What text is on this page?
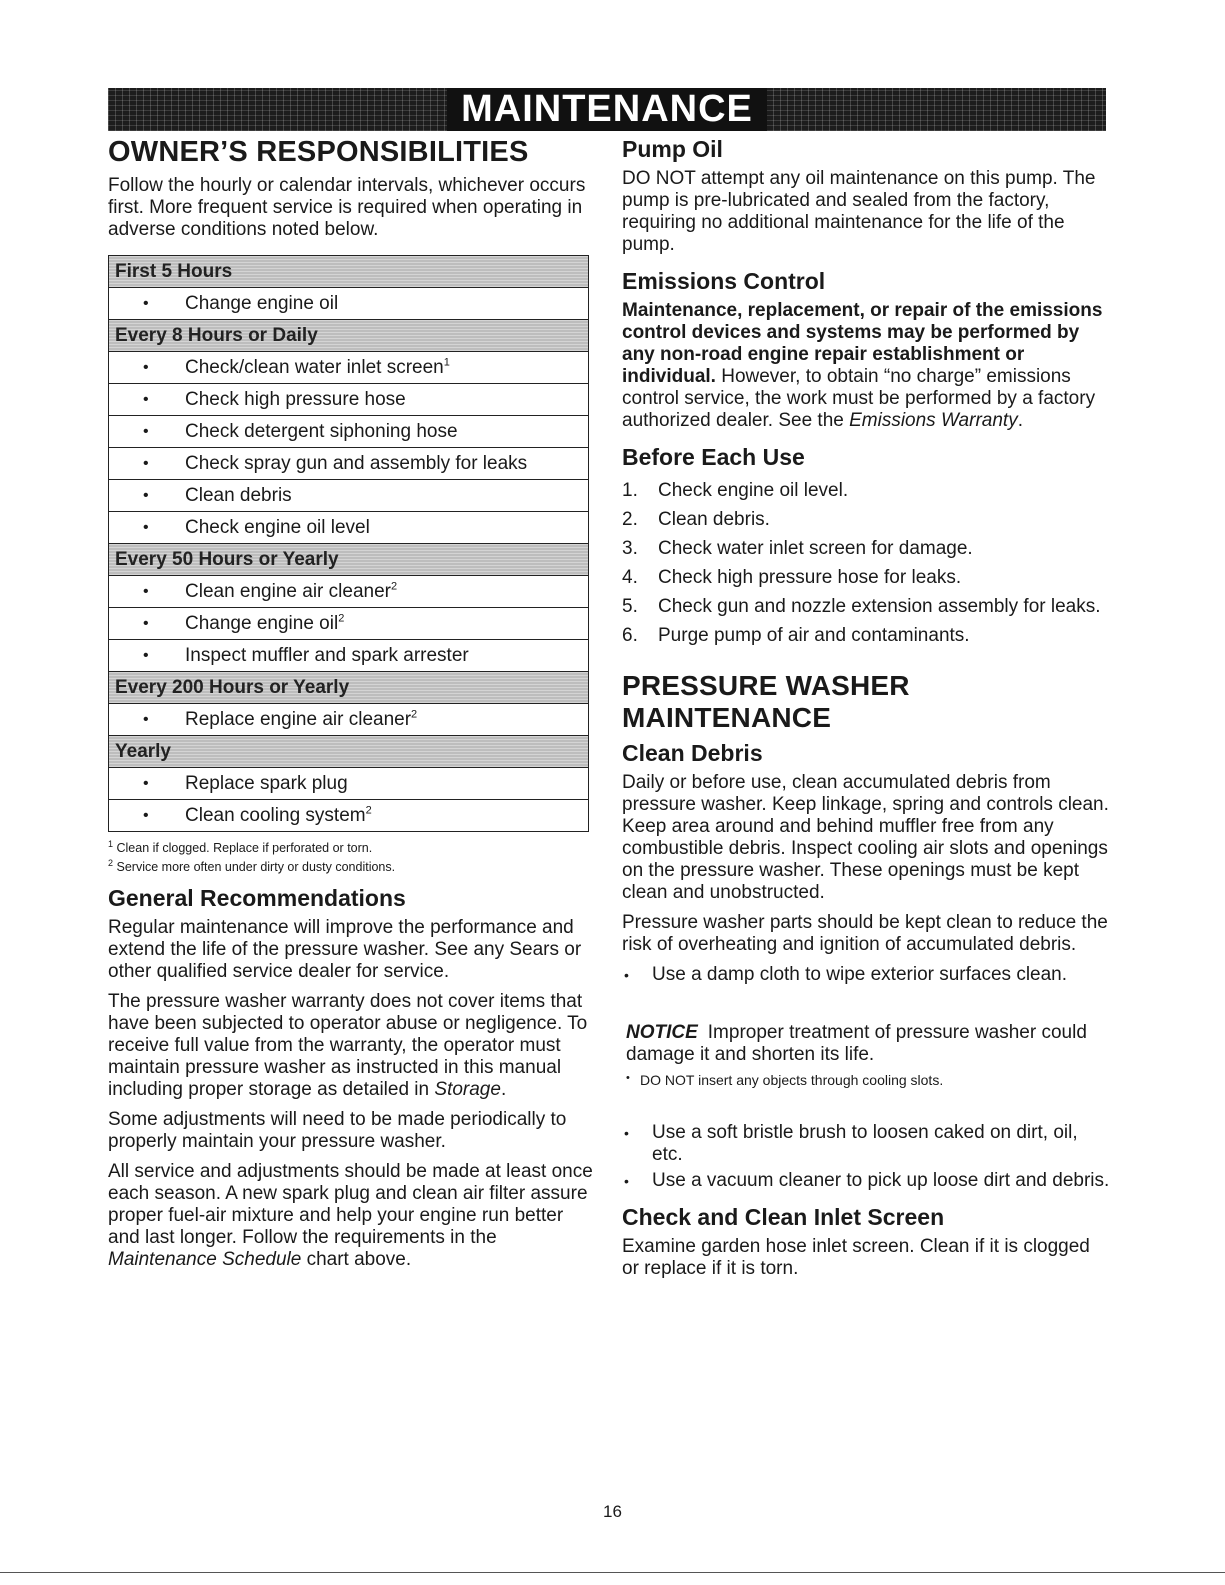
MAINTENANCE
OWNER’S RESPONSIBILITIES

Follow the hourly or calendar intervals, whichever occurs first. More frequent service is required when operating in adverse conditions noted below.

First 5 Hours
• Change engine oil
Every 8 Hours or Daily
• Check/clean water inlet screen$^1$
• Check high pressure hose
• Check detergent siphoning hose
• Check spray gun and assembly for leaks
• Clean debris
• Check engine oil level
Every 50 Hours or Yearly
• Clean engine air cleaner$^2$
• Change engine oil$^2$
• Inspect muffler and spark arrester
Every 200 Hours or Yearly
• Replace engine air cleaner$^2$
Yearly
• Replace spark plug
• Clean cooling system$^2$
$^1$ Clean if clogged. Replace if perforated or torn.
$^2$ Service more often under dirty or dusty conditions.
General Recommendations

Regular maintenance will improve the performance and extend the life of the pressure washer. See any Sears or other qualified service dealer for service.

The pressure washer warranty does not cover items that have been subjected to operator abuse or negligence. To receive full value from the warranty, the operator must maintain pressure washer as instructed in this manual including proper storage as detailed in Storage.

Some adjustments will need to be made periodically to properly maintain your pressure washer.

All service and adjustments should be made at least once each season. A new spark plug and clean air filter assure proper fuel-air mixture and help your engine run better and last longer. Follow the requirements in the Maintenance Schedule chart above.

Pump Oil

DO NOT attempt any oil maintenance on this pump. The pump is pre-lubricated and sealed from the factory, requiring no additional maintenance for the life of the pump.

Emissions Control

Maintenance, replacement, or repair of the emissions control devices and systems may be performed by any non-road engine repair establishment or individual. However, to obtain “no charge” emissions control service, the work must be performed by a factory authorized dealer. See the Emissions Warranty.

Before Each Use
1.	Check engine oil level.
2.	Clean debris.
3.	Check water inlet screen for damage.
4.	Check high pressure hose for leaks.
5.	Check gun and nozzle extension assembly for leaks.
6.	Purge pump of air and contaminants.
PRESSURE WASHER MAINTENANCE
Clean Debris

Daily or before use, clean accumulated debris from pressure washer. Keep linkage, spring and controls clean. Keep area around and behind muffler free from any combustible debris. Inspect cooling air slots and openings on the pressure washer. These openings must be kept clean and unobstructed.

Pressure washer parts should be kept clean to reduce the risk of overheating and ignition of accumulated debris.

•	Use a damp cloth to wipe exterior surfaces clean.
NOTICE Improper treatment of pressure washer could damage it and shorten its life.
• DO NOT insert any objects through cooling slots.
•	Use a soft bristle brush to loosen caked on dirt, oil, etc.
•	Use a vacuum cleaner to pick up loose dirt and debris.
Check and Clean Inlet Screen

Examine garden hose inlet screen. Clean if it is clogged or replace if it is torn.

16
